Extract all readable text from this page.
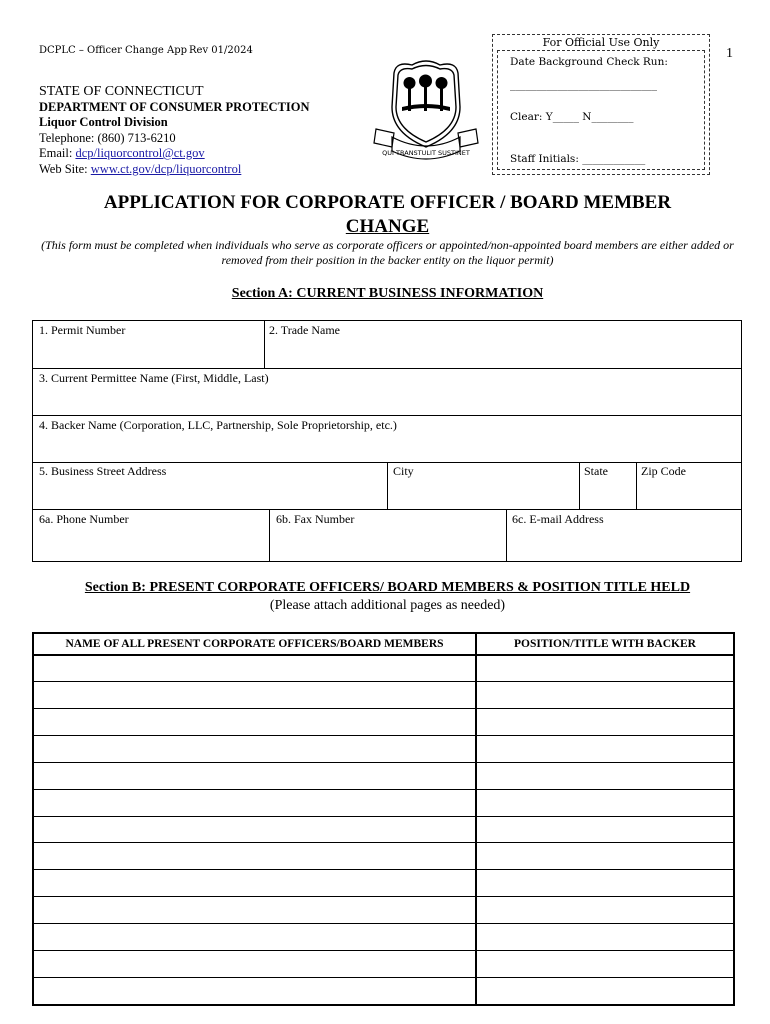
DCPLC – Officer Change App Rev 01/2024	1
STATE OF CONNECTICUT
DEPARTMENT OF CONSUMER PROTECTION
Liquor Control Division
Telephone: (860) 713-6210
Email: dcp/liquorcontrol@ct.gov
Web Site: www.ct.gov/dcp/liquorcontrol
QUI TRANSTULIT SUSTINET
For Official Use Only
Date Background Check Run:
____________________________
Clear: Y_____ N________
Staff Initials: ____________
APPLICATION FOR CORPORATE OFFICER / BOARD MEMBER
CHANGE
(This form must be completed when individuals who serve as corporate officers or appointed/non-appointed board members are either added or removed from their position in the backer entity on the liquor permit)
Section A: CURRENT BUSINESS INFORMATION
1. Permit Number	2. Trade Name
3. Current Permittee Name (First, Middle, Last)
4. Backer Name (Corporation, LLC, Partnership, Sole Proprietorship, etc.)
5. Business Street Address	City	State	Zip Code
6a. Phone Number	6b. Fax Number	6c. E-mail Address
Section B: PRESENT CORPORATE OFFICERS/ BOARD MEMBERS & POSITION TITLE HELD
(Please attach additional pages as needed)
NAME OF ALL PRESENT CORPORATE OFFICERS/BOARD MEMBERS	POSITION/TITLE WITH BACKER
